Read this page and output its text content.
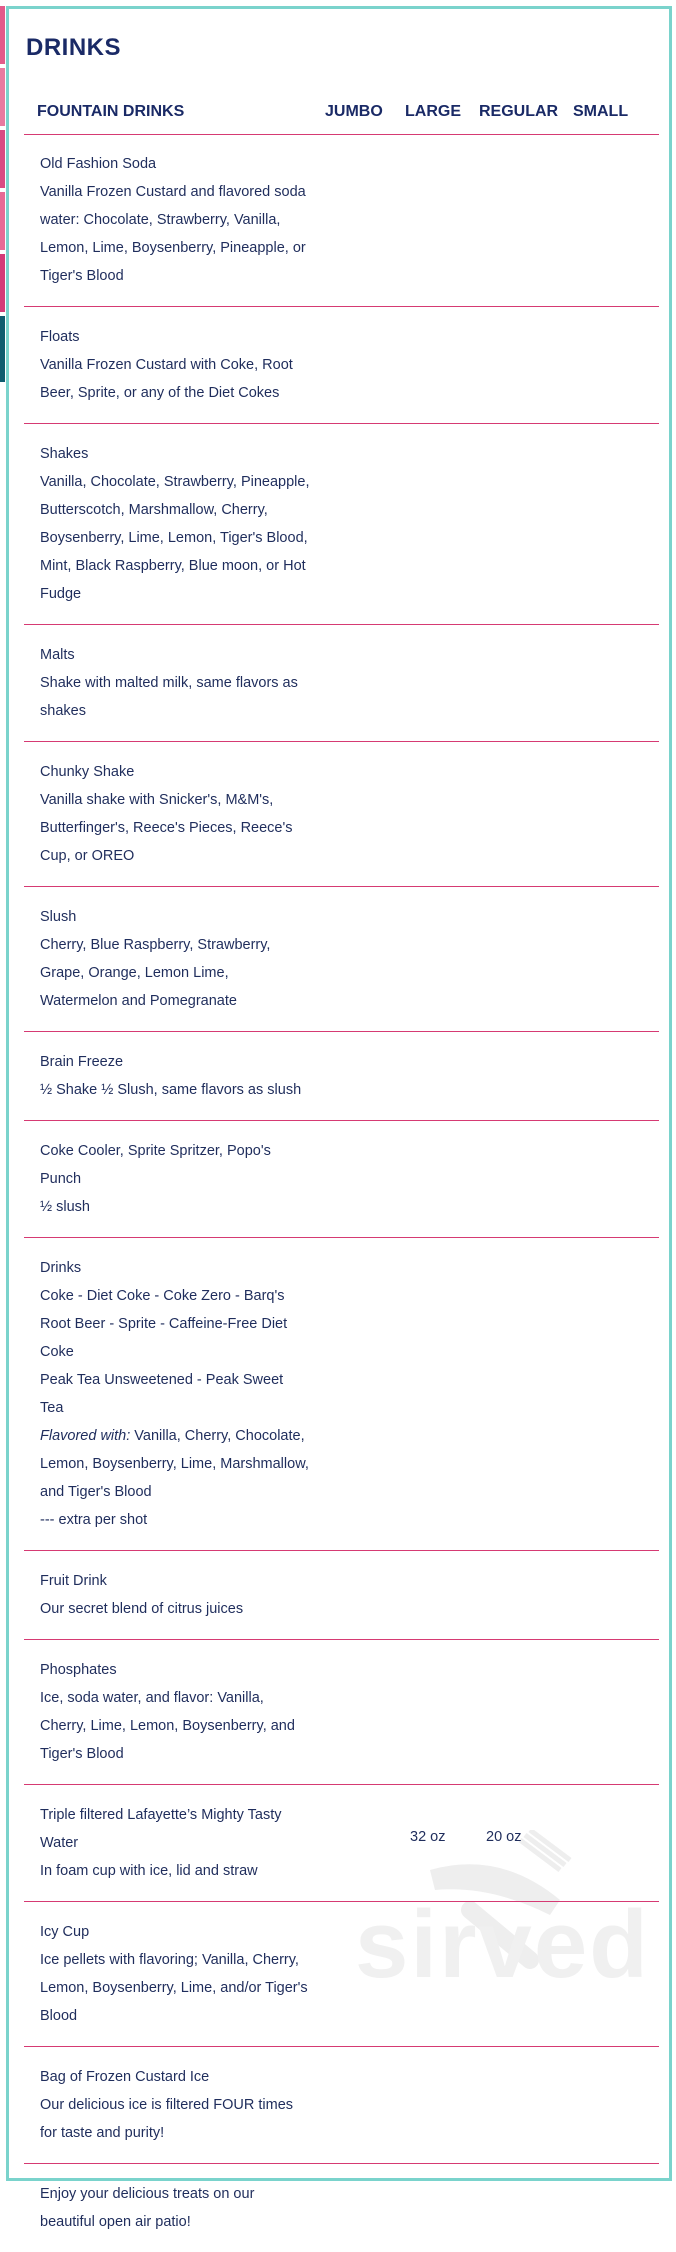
DRINKS
FOUNTAIN DRINKS	JUMBO LARGE REGULAR SMALL
sirved

Old Fashion Soda

Vanilla Frozen Custard and flavored soda water: Chocolate, Strawberry, Vanilla, Lemon, Lime, Boysenberry, Pineapple, or Tiger's Blood

Floats

Vanilla Frozen Custard with Coke, Root Beer, Sprite, or any of the Diet Cokes

Shakes

Vanilla, Chocolate, Strawberry, Pineapple, Butterscotch, Marshmallow, Cherry, Boysenberry, Lime, Lemon, Tiger's Blood, Mint, Black Raspberry, Blue moon, or Hot Fudge

Malts

Shake with malted milk, same flavors as shakes

Chunky Shake

Vanilla shake with Snicker's, M&M's, Butterfinger's, Reece's Pieces, Reece's Cup, or OREO

Slush

Cherry, Blue Raspberry, Strawberry, Grape, Orange, Lemon Lime, Watermelon and Pomegranate

Brain Freeze

½ Shake ½ Slush, same flavors as slush

Coke Cooler, Sprite Spritzer, Popo's Punch

½ slush

Drinks

Coke - Diet Coke - Coke Zero - Barq's Root Beer - Sprite - Caffeine-Free Diet Coke
Peak Tea Unsweetened - Peak Sweet Tea
Flavored with: Vanilla, Cherry, Chocolate, Lemon, Boysenberry, Lime, Marshmallow, and Tiger's Blood
--- extra per shot

Fruit Drink

Our secret blend of citrus juices

Phosphates

Ice, soda water, and flavor: Vanilla, Cherry, Lime, Lemon, Boysenberry, and Tiger's Blood

Triple filtered Lafayette’s Mighty Tasty Water

In foam cup with ice, lid and straw

32 oz	20 oz

Icy Cup

Ice pellets with flavoring; Vanilla, Cherry, Lemon, Boysenberry, Lime, and/or Tiger's Blood

Bag of Frozen Custard Ice

Our delicious ice is filtered FOUR times for taste and purity!

Enjoy your delicious treats on our beautiful open air patio!
